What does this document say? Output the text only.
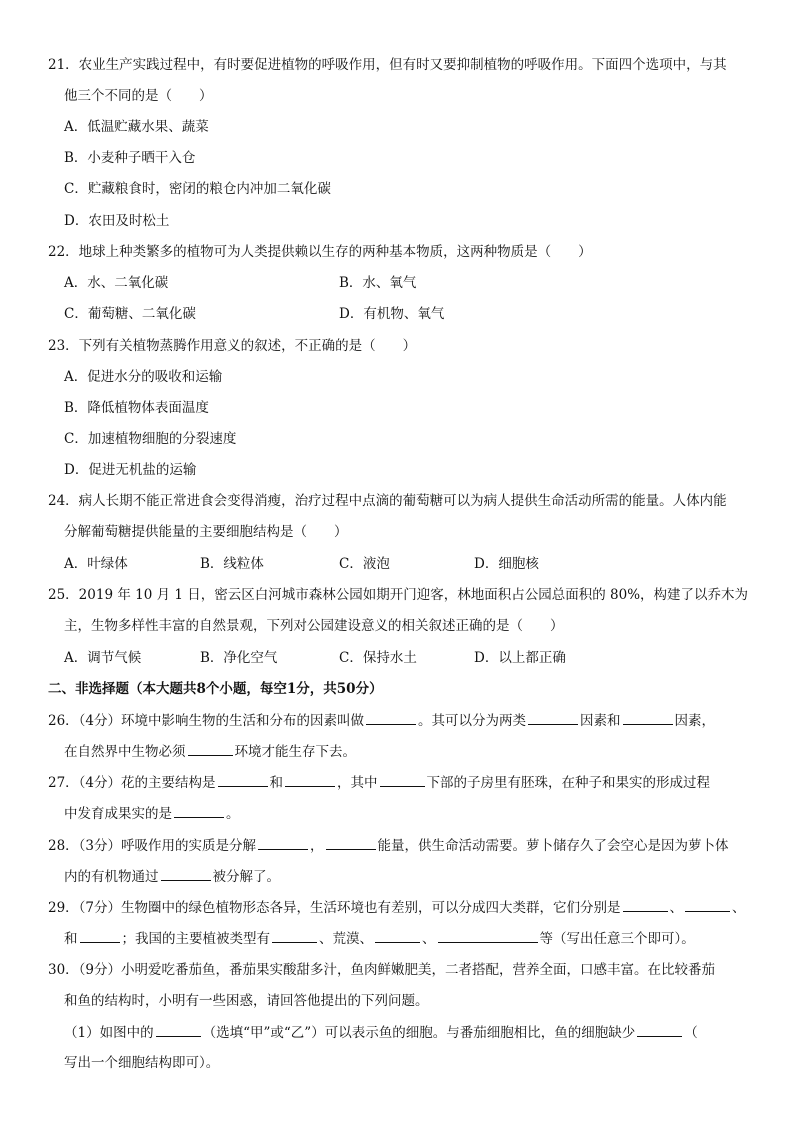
21．农业生产实践过程中，有时要促进植物的呼吸作用，但有时又要抑制植物的呼吸作用。下面四个选项中，与其
他三个不同的是（　　）
A．低温贮藏水果、蔬菜
B．小麦种子晒干入仓
C．贮藏粮食时，密闭的粮仓内冲加二氧化碳
D．农田及时松土
22．地球上种类繁多的植物可为人类提供赖以生存的两种基本物质，这两种物质是（　　）
A．水、二氧化碳	B．水、氧气
C．葡萄糖、二氧化碳	D．有机物、氧气
23．下列有关植物蒸腾作用意义的叙述，不正确的是（　　）
A．促进水分的吸收和运输
B．降低植物体表面温度
C．加速植物细胞的分裂速度
D．促进无机盐的运输
24．病人长期不能正常进食会变得消瘦，治疗过程中点滴的葡萄糖可以为病人提供生命活动所需的能量。人体内能
分解葡萄糖提供能量的主要细胞结构是（　　）
A．叶绿体	B．线粒体	C．液泡	D．细胞核
25．2019 年 10 月 1 日，密云区白河城市森林公园如期开门迎客，林地面积占公园总面积的 80%，构建了以乔木为
主，生物多样性丰富的自然景观，下列对公园建设意义的相关叙述正确的是（　　）
A．调节气候	B．净化空气	C．保持水土	D．以上都正确
二、非选择题（本大题共8个小题，每空1分，共50分）
26．（4分）环境中影响生物的生活和分布的因素叫做	。其可以分为两类	因素和	因素，
在自然界中生物必须	环境才能生存下去。
27．（4分）花的主要结构是	和	，其中	下部的子房里有胚珠，在种子和果实的形成过程
中发育成果实的是	。
28．（3分）呼吸作用的实质是分解	，	能量，供生命活动需要。萝卜储存久了会空心是因为萝卜体
内的有机物通过	被分解了。
29．（7分）生物圈中的绿色植物形态各异，生活环境也有差别，可以分成四大类群，它们分别是	、	、
和	；我国的主要植被类型有	、荒漠、	、	等（写出任意三个即可）。
30．（9分）小明爱吃番茄鱼，番茄果实酸甜多汁，鱼肉鲜嫩肥美，二者搭配，营养全面，口感丰富。在比较番茄
和鱼的结构时，小明有一些困惑，请回答他提出的下列问题。
（1）如图中的	（选填“甲”或“乙”）可以表示鱼的细胞。与番茄细胞相比，鱼的细胞缺少	（
写出一个细胞结构即可）。
